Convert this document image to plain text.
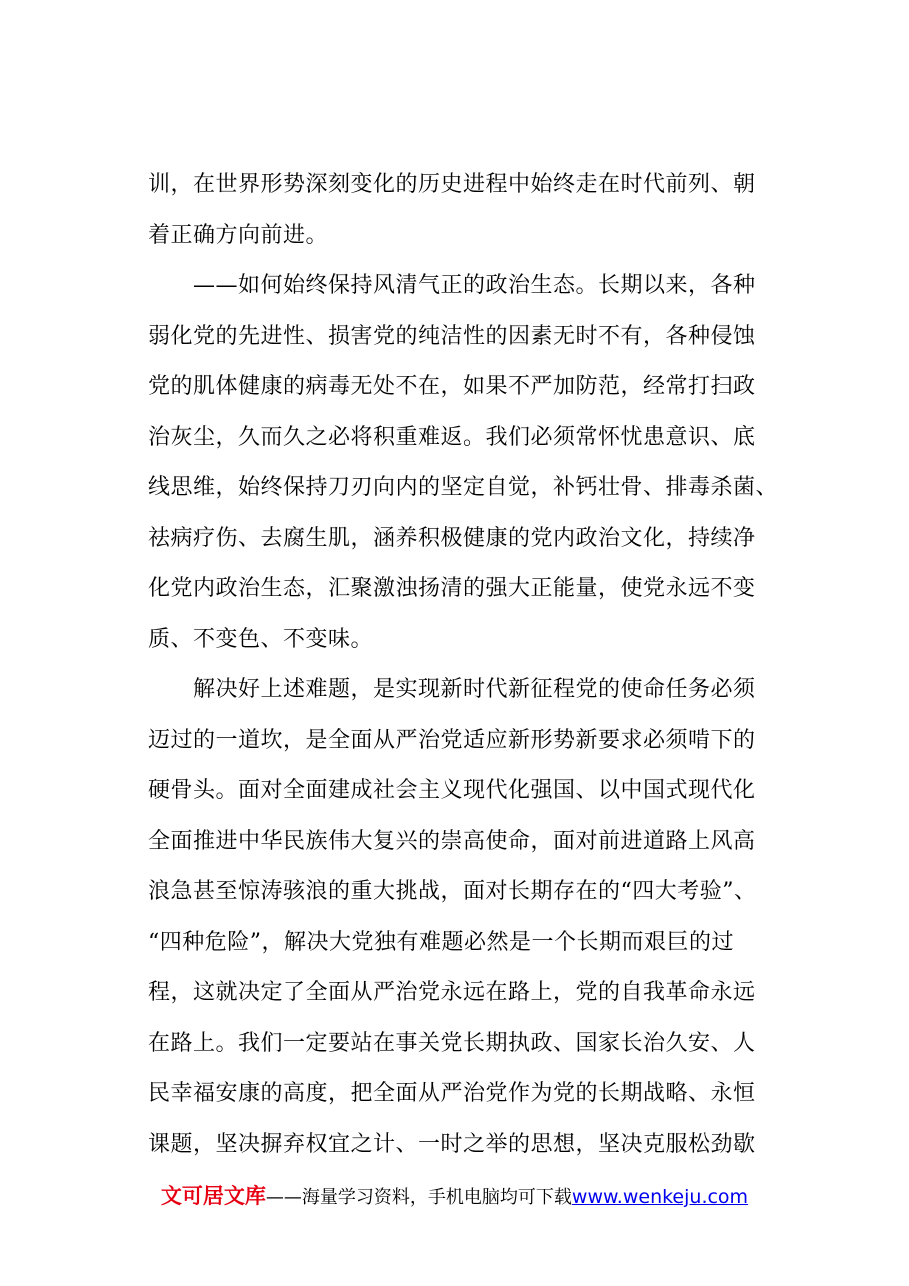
训，在世界形势深刻变化的历史进程中始终走在时代前列、朝
着正确方向前进。
　　——如何始终保持风清气正的政治生态。长期以来，各种
弱化党的先进性、损害党的纯洁性的因素无时不有，各种侵蚀
党的肌体健康的病毒无处不在，如果不严加防范，经常打扫政
治灰尘，久而久之必将积重难返。我们必须常怀忧患意识、底
线思维，始终保持刀刃向内的坚定自觉，补钙壮骨、排毒杀菌、
祛病疗伤、去腐生肌，涵养积极健康的党内政治文化，持续净
化党内政治生态，汇聚激浊扬清的强大正能量，使党永远不变
质、不变色、不变味。
　　解决好上述难题，是实现新时代新征程党的使命任务必须
迈过的一道坎，是全面从严治党适应新形势新要求必须啃下的
硬骨头。面对全面建成社会主义现代化强国、以中国式现代化
全面推进中华民族伟大复兴的崇高使命，面对前进道路上风高
浪急甚至惊涛骇浪的重大挑战，面对长期存在的“四大考验”、
“四种危险”，解决大党独有难题必然是一个长期而艰巨的过
程，这就决定了全面从严治党永远在路上，党的自我革命永远
在路上。我们一定要站在事关党长期执政、国家长治久安、人
民幸福安康的高度，把全面从严治党作为党的长期战略、永恒
课题，坚决摒弃权宜之计、一时之举的思想，坚决克服松劲歇
文可居文库——海量学习资料，手机电脑均可下载www.wenkeju.com
